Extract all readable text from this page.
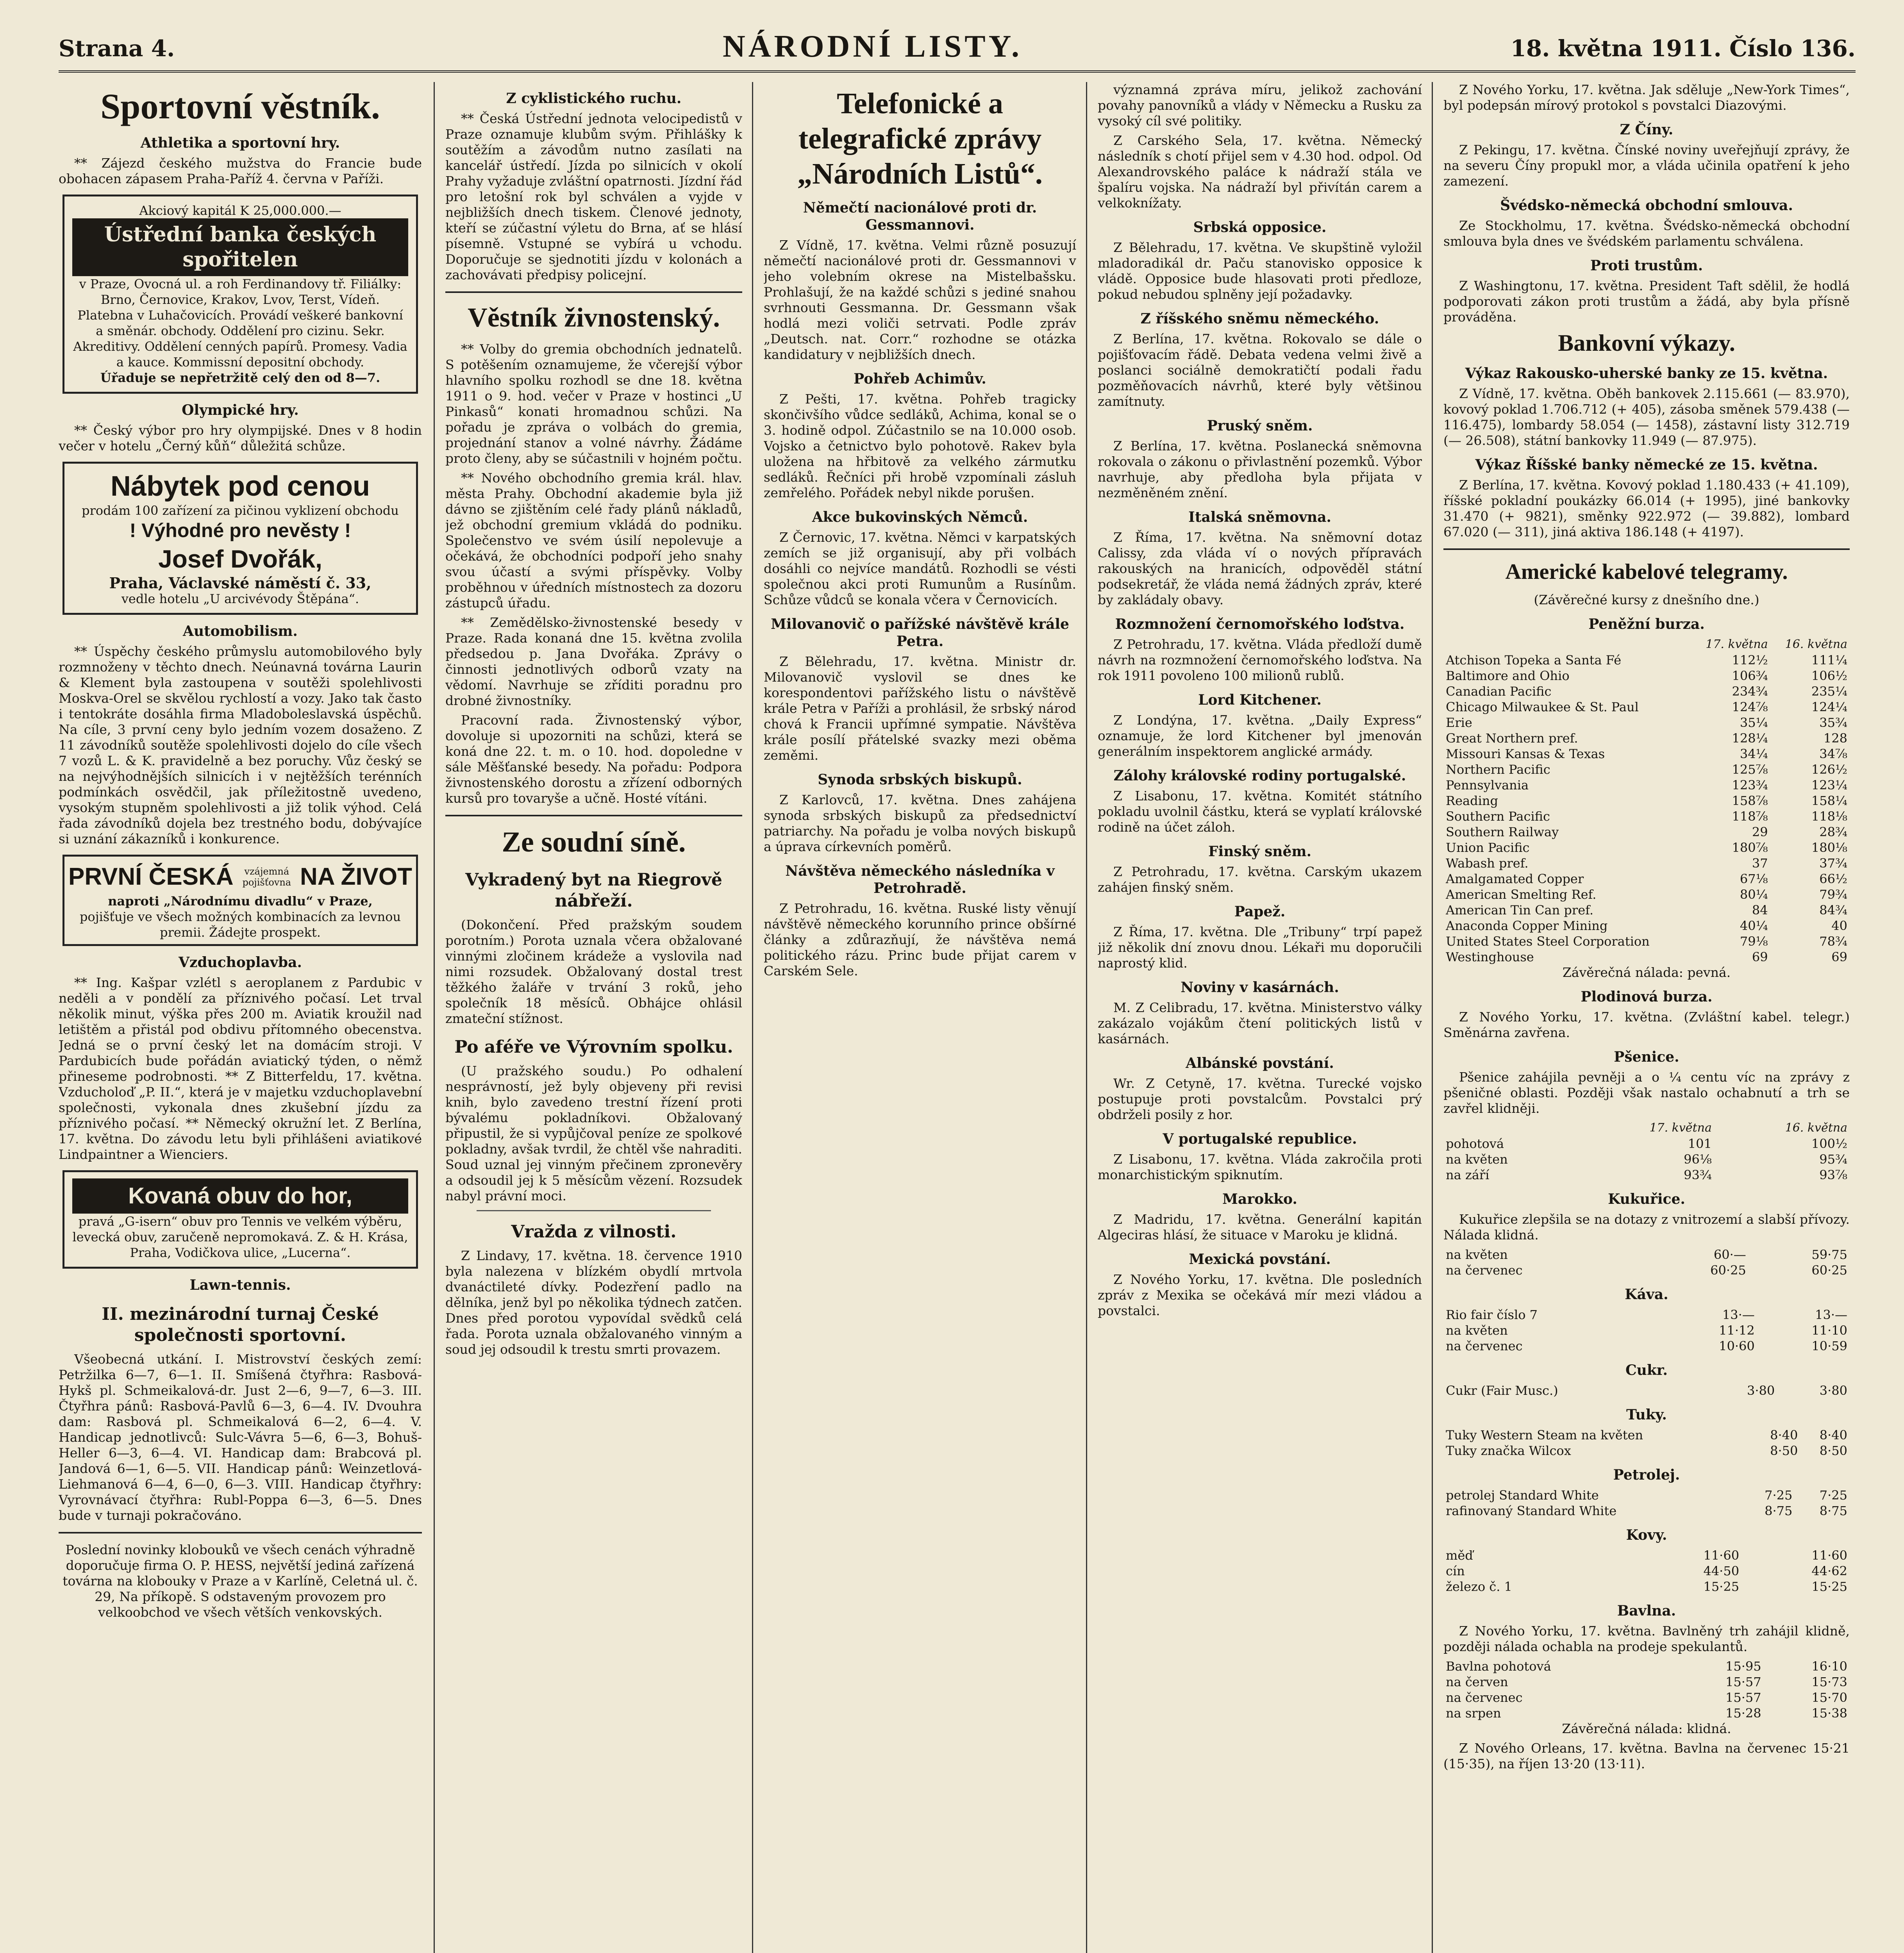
Strana 4.	NÁRODNÍ LISTY.	18. května 1911. Číslo 136.
Sportovní věstník.
Athletika a sportovní hry.

** Zájezd českého mužstva do Francie bude obohacen zápasem Praha-Paříž 4. června v Paříži.

Akciový kapitál K 25,000.000.—
Ústřední banka českých spořitelen
v Praze, Ovocná ul. a roh Ferdinandovy tř. Filiálky: Brno, Černovice, Krakov, Lvov, Terst, Vídeň. Platebna v Luhačovicích. Provádí veškeré bankovní a směnár. obchody. Oddělení pro cizinu. Sekr. Akreditivy. Oddělení cenných papírů. Promesy. Vadia a kauce. Kommissní depositní obchody.
Úřaduje se nepřetržitě celý den od 8—7.
Olympické hry.

** Český výbor pro hry olympijské. Dnes v 8 hodin večer v hotelu „Černý kůň“ důležitá schůze.

Nábytek pod cenou
prodám 100 zařízení za pičinou vyklizení obchodu
! Výhodné pro nevěsty !
Josef Dvořák,
Praha, Václavské náměstí č. 33,
vedle hotelu „U arcivévody Štěpána“.
Automobilism.

** Úspěchy českého průmyslu automobilového byly rozmnoženy v těchto dnech. Neúnavná továrna Laurin & Klement byla zastoupena v soutěži spolehlivosti Moskva-Orel se skvělou rychlostí a vozy. Jako tak často i tentokráte dosáhla firma Mladoboleslavská úspěchů. Na cíle, 3 první ceny bylo jedním vozem dosaženo. Z 11 závodníků soutěže spolehlivosti dojelo do cíle všech 7 vozů L. & K. pravidelně a bez poruchy. Vůz český se na nejvýhodnějších silnicích i v nejtěžších terénních podmínkách osvědčil, jak příležitostně uvedeno, vysokým stupněm spolehlivosti a již tolik výhod. Celá řada závodníků dojela bez trestného bodu, dobývajíce si uznání zákazníků i konkurence.

PRVNÍ ČESKÁ	vzájemná pojišťovna NA ŽIVOT
naproti „Národnímu divadlu“ v Praze,
pojišťuje ve všech možných kombinacích za levnou premii. Žádejte prospekt.
Vzduchoplavba.

** Ing. Kašpar vzlétl s aeroplanem z Pardubic v neděli a v pondělí za příznivého počasí. Let trval několik minut, výška přes 200 m. Aviatik kroužil nad letištěm a přistál pod obdivu přítomného obecenstva. Jedná se o první český let na domácím stroji. V Pardubicích bude pořádán aviatický týden, o němž přineseme podrobnosti. ** Z Bitterfeldu, 17. května. Vzducholoď „P. II.“, která je v majetku vzduchoplavební společnosti, vykonala dnes zkušební jízdu za příznivého počasí. ** Německý okružní let. Z Berlína, 17. května. Do závodu letu byli přihlášeni aviatikové Lindpaintner a Wienciers.

Kovaná obuv do hor,
pravá „G-isern“ obuv pro Tennis ve velkém výběru, levecká obuv, zaručeně nepromokavá. Z. & H. Krása, Praha, Vodičkova ulice, „Lucerna“.
Lawn-tennis.
II. mezinárodní turnaj České společnosti sportovní.

Všeobecná utkání. I. Mistrovství českých zemí: Petržilka 6—7, 6—1. II. Smíšená čtyřhra: Rasbová-Hykš pl. Schmeikalová-dr. Just 2—6, 9—7, 6—3. III. Čtyřhra pánů: Rasbová-Pavlů 6—3, 6—4. IV. Dvouhra dam: Rasbová pl. Schmeikalová 6—2, 6—4. V. Handicap jednotlivců: Sulc-Vávra 5—6, 6—3, Bohuš-Heller 6—3, 6—4. VI. Handicap dam: Brabcová pl. Jandová 6—1, 6—5. VII. Handicap pánů: Weinzetlová-Liehmanová 6—4, 6—0, 6—3. VIII. Handicap čtyřhry: Vyrovnávací čtyřhra: Rubl-Poppa 6—3, 6—5. Dnes bude v turnaji pokračováno.

Poslední novinky klobouků ve všech cenách výhradně doporučuje firma O. P. HESS, největší jediná zařízená továrna na klobouky v Praze a v Karlíně, Celetná ul. č. 29, Na příkopě. S odstaveným provozem pro velkoobchod ve všech větších venkovských.

Z cyklistického ruchu.

** Česká Ústřední jednota velocipedistů v Praze oznamuje klubům svým. Přihlášky k soutěžím a závodům nutno zasílati na kancelář ústředí. Jízda po silnicích v okolí Prahy vyžaduje zvláštní opatrnosti. Jízdní řád pro letošní rok byl schválen a vyjde v nejbližších dnech tiskem. Členové jednoty, kteří se zúčastní výletu do Brna, ať se hlásí písemně. Vstupné se vybírá u vchodu. Doporučuje se sjednotiti jízdu v kolonách a zachovávati předpisy policejní.

Věstník živnostenský.

** Volby do gremia obchodních jednatelů. S potěšením oznamujeme, že včerejší výbor hlavního spolku rozhodl se dne 18. května 1911 o 9. hod. večer v Praze v hostinci „U Pinkasů“ konati hromadnou schůzi. Na pořadu je zpráva o volbách do gremia, projednání stanov a volné návrhy. Žádáme proto členy, aby se súčastnili v hojném počtu.

** Nového obchodního gremia král. hlav. města Prahy. Obchodní akademie byla již dávno se zjištěním celé řady plánů nákladů, jež obchodní gremium vkládá do podniku. Společenstvo ve svém úsilí nepolevuje a očekává, že obchodníci podpoří jeho snahy svou účastí a svými příspěvky. Volby proběhnou v úředních místnostech za dozoru zástupců úřadu.

** Zemědělsko-živnostenské besedy v Praze. Rada konaná dne 15. května zvolila předsedou p. Jana Dvořáka. Zprávy o činnosti jednotlivých odborů vzaty na vědomí. Navrhuje se zříditi poradnu pro drobné živnostníky.

Pracovní rada. Živnostenský výbor, dovoluje si upozorniti na schůzi, která se koná dne 22. t. m. o 10. hod. dopoledne v sále Měšťanské besedy. Na pořadu: Podpora živnostenského dorostu a zřízení odborných kursů pro tovaryše a učně. Hosté vítáni.

Ze soudní síně.
Vykradený byt na Riegrově nábřeží.

(Dokončení. Před pražským soudem porotním.) Porota uznala včera obžalované vinnými zločinem krádeže a vyslovila nad nimi rozsudek. Obžalovaný dostal trest těžkého žaláře v trvání 3 roků, jeho společník 18 měsíců. Obhájce ohlásil zmateční stížnost.

Po aféře ve Výrovním spolku.

(U pražského soudu.) Po odhalení nesprávností, jež byly objeveny při revisi knih, bylo zavedeno trestní řízení proti bývalému pokladníkovi. Obžalovaný připustil, že si vypůjčoval peníze ze spolkové pokladny, avšak tvrdil, že chtěl vše nahraditi. Soud uznal jej vinným přečinem zpronevěry a odsoudil jej k 5 měsícům vězení. Rozsudek nabyl právní moci.

Vražda z vilnosti.

Z Lindavy, 17. května. 18. července 1910 byla nalezena v blízkém obydlí mrtvola dvanáctileté dívky. Podezření padlo na dělníka, jenž byl po několika týdnech zatčen. Dnes před porotou vypovídal svědků celá řada. Porota uznala obžalovaného vinným a soud jej odsoudil k trestu smrti provazem.

Telefonické a telegrafické zprávy „Národních Listů“.
Němečtí nacionálové proti dr. Gessmannovi.

Z Vídně, 17. května. Velmi různě posuzují němečtí nacionálové proti dr. Gessmannovi v jeho volebním okrese na Mistelbašsku. Prohlašují, že na každé schůzi s jediné snahou svrhnouti Gessmanna. Dr. Gessmann však hodlá mezi voliči setrvati. Podle zpráv „Deutsch. nat. Corr.“ rozhodne se otázka kandidatury v nejbližších dnech.

Pohřeb Achimův.

Z Pešti, 17. května. Pohřeb tragicky skončivšího vůdce sedláků, Achima, konal se o 3. hodině odpol. Zúčastnilo se na 10.000 osob. Vojsko a četnictvo bylo pohotově. Rakev byla uložena na hřbitově za velkého zármutku sedláků. Řečníci při hrobě vzpomínali zásluh zemřelého. Pořádek nebyl nikde porušen.

Akce bukovinských Němců.

Z Černovic, 17. května. Němci v karpatských zemích se již organisují, aby při volbách dosáhli co nejvíce mandátů. Rozhodli se vésti společnou akci proti Rumunům a Rusínům. Schůze vůdců se konala včera v Černovicích.

Milovanovič o pařížské návštěvě krále Petra.

Z Bělehradu, 17. května. Ministr dr. Milovanovič vyslovil se dnes ke korespondentovi pařížského listu o návštěvě krále Petra v Paříži a prohlásil, že srbský národ chová k Francii upřímné sympatie. Návštěva krále posílí přátelské svazky mezi oběma zeměmi.

Synoda srbských biskupů.

Z Karlovců, 17. května. Dnes zahájena synoda srbských biskupů za předsednictví patriarchy. Na pořadu je volba nových biskupů a úprava církevních poměrů.

Návštěva německého následníka v Petrohradě.

Z Petrohradu, 16. května. Ruské listy věnují návštěvě německého korunního prince obšírné články a zdůrazňují, že návštěva nemá politického rázu. Princ bude přijat carem v Carském Sele.

významná zpráva míru, jelikož zachování povahy panovníků a vlády v Německu a Rusku za vysoký cíl své politiky.

Z Carského Sela, 17. května. Německý následník s chotí přijel sem v 4.30 hod. odpol. Od Alexandrovského paláce k nádraží stála ve špalíru vojska. Na nádraží byl přivítán carem a velkoknížaty.

Srbská opposice.

Z Bělehradu, 17. května. Ve skupštině vyložil mladoradikál dr. Paču stanovisko opposice k vládě. Opposice bude hlasovati proti předloze, pokud nebudou splněny její požadavky.

Z říšského sněmu německého.

Z Berlína, 17. května. Rokovalo se dále o pojišťovacím řádě. Debata vedena velmi živě a poslanci sociálně demokratičtí podali řadu pozměňovacích návrhů, které byly většinou zamítnuty.

Pruský sněm.

Z Berlína, 17. května. Poslanecká sněmovna rokovala o zákonu o přivlastnění pozemků. Výbor navrhuje, aby předloha byla přijata v nezměněném znění.

Italská sněmovna.

Z Říma, 17. května. Na sněmovní dotaz Calissy, zda vláda ví o nových přípravách rakouských na hranicích, odpověděl státní podsekretář, že vláda nemá žádných zpráv, které by zakládaly obavy.

Rozmnožení černomořského loďstva.

Z Petrohradu, 17. května. Vláda předloží dumě návrh na rozmnožení černomořského loďstva. Na rok 1911 povoleno 100 milionů rublů.

Lord Kitchener.

Z Londýna, 17. května. „Daily Express“ oznamuje, že lord Kitchener byl jmenován generálním inspektorem anglické armády.

Zálohy královské rodiny portugalské.

Z Lisabonu, 17. května. Komitét státního pokladu uvolnil částku, která se vyplatí královské rodině na účet záloh.

Finský sněm.

Z Petrohradu, 17. května. Carským ukazem zahájen finský sněm.

Papež.

Z Říma, 17. května. Dle „Tribuny“ trpí papež již několik dní znovu dnou. Lékaři mu doporučili naprostý klid.

Noviny v kasárnách.

M. Z Celibradu, 17. května. Ministerstvo války zakázalo vojákům čtení politických listů v kasárnách.

Albánské povstání.

Wr. Z Cetyně, 17. května. Turecké vojsko postupuje proti povstalcům. Povstalci prý obdrželi posily z hor.

V portugalské republice.

Z Lisabonu, 17. května. Vláda zakročila proti monarchistickým spiknutím.

Marokko.

Z Madridu, 17. května. Generální kapitán Algeciras hlásí, že situace v Maroku je klidná.

Mexická povstání.

Z Nového Yorku, 17. května. Dle posledních zpráv z Mexika se očekává mír mezi vládou a povstalci.

Z Nového Yorku, 17. května. Jak sděluje „New-York Times“, byl podepsán mírový protokol s povstalci Diazovými.

Z Číny.

Z Pekingu, 17. května. Čínské noviny uveřejňují zprávy, že na severu Číny propukl mor, a vláda učinila opatření k jeho zamezení.

Švédsko-německá obchodní smlouva.

Ze Stockholmu, 17. května. Švédsko-německá obchodní smlouva byla dnes ve švédském parlamentu schválena.

Proti trustům.

Z Washingtonu, 17. května. President Taft sdělil, že hodlá podporovati zákon proti trustům a žádá, aby byla přísně prováděna.

Bankovní výkazy.
Výkaz Rakousko-uherské banky ze 15. května.

Z Vídně, 17. května. Oběh bankovek 2.115.661 (— 83.970), kovový poklad 1.706.712 (+ 405), zásoba směnek 579.438 (— 116.475), lombardy 58.054 (— 1458), zástavní listy 312.719 (— 26.508), státní bankovky 11.949 (— 87.975).

Výkaz Říšské banky německé ze 15. května.

Z Berlína, 17. května. Kovový poklad 1.180.433 (+ 41.109), říšské pokladní poukázky 66.014 (+ 1995), jiné bankovky 31.470 (+ 9821), směnky 922.972 (— 39.882), lombard 67.020 (— 311), jiná aktiva 186.148 (+ 4197).

Americké kabelové telegramy.
(Závěrečné kursy z dnešního dne.)
Peněžní burza.
	17. května	16. května
Atchison Topeka a Santa Fé	112½	111¼
Baltimore and Ohio	106¾	106½
Canadian Pacific	234¾	235¼
Chicago Milwaukee & St. Paul	124⅞	124¼
Erie	35¼	35¾
Great Northern pref.	128¼	128
Missouri Kansas & Texas	34¼	34⅞
Northern Pacific	125⅞	126½
Pennsylvania	123¾	123¼
Reading	158⅞	158¼
Southern Pacific	118⅞	118⅛
Southern Railway	29	28¾
Union Pacific	180⅞	180⅛
Wabash pref.	37	37¾
Amalgamated Copper	67⅛	66½
American Smelting Ref.	80¼	79¾
American Tin Can pref.	84	84¾
Anaconda Copper Mining	40¼	40
United States Steel Corporation	79⅛	78¾
Westinghouse	69	69

Závěrečná nálada: pevná.

Plodinová burza.

Z Nového Yorku, 17. května. (Zvláštní kabel. telegr.) Směnárna zavřena.

Pšenice.

Pšenice zahájila pevněji a o ¼ centu víc na zprávy z pšeničné oblasti. Později však nastalo ochabnutí a trh se zavřel klidněji.

	17. května	16. května
pohotová	101	100½
na květen	96⅛	95¾
na září	93¾	93⅞
Kukuřice.

Kukuřice zlepšila se na dotazy z vnitrozemí a slabší přívozy. Nálada klidná.

na květen	60·—	59·75
na červenec	60·25	60·25
Káva.
Rio fair číslo 7	13·—	13·—
na květen	11·12	11·10
na červenec	10·60	10·59
Cukr.
Cukr (Fair Musc.)	3·80	3·80
Tuky.
Tuky Western Steam na květen	8·40	8·40
Tuky značka Wilcox	8·50	8·50
Petrolej.
petrolej Standard White	7·25	7·25
rafinovaný Standard White	8·75	8·75
Kovy.
měď	11·60	11·60
cín	44·50	44·62
železo č. 1	15·25	15·25
Bavlna.

Z Nového Yorku, 17. května. Bavlněný trh zahájil klidně, později nálada ochabla na prodeje spekulantů.

Bavlna pohotová	15·95	16·10
na červen	15·57	15·73
na červenec	15·57	15·70
na srpen	15·28	15·38

Závěrečná nálada: klidná.

Z Nového Orleans, 17. května. Bavlna na červenec 15·21 (15·35), na říjen 13·20 (13·11).
